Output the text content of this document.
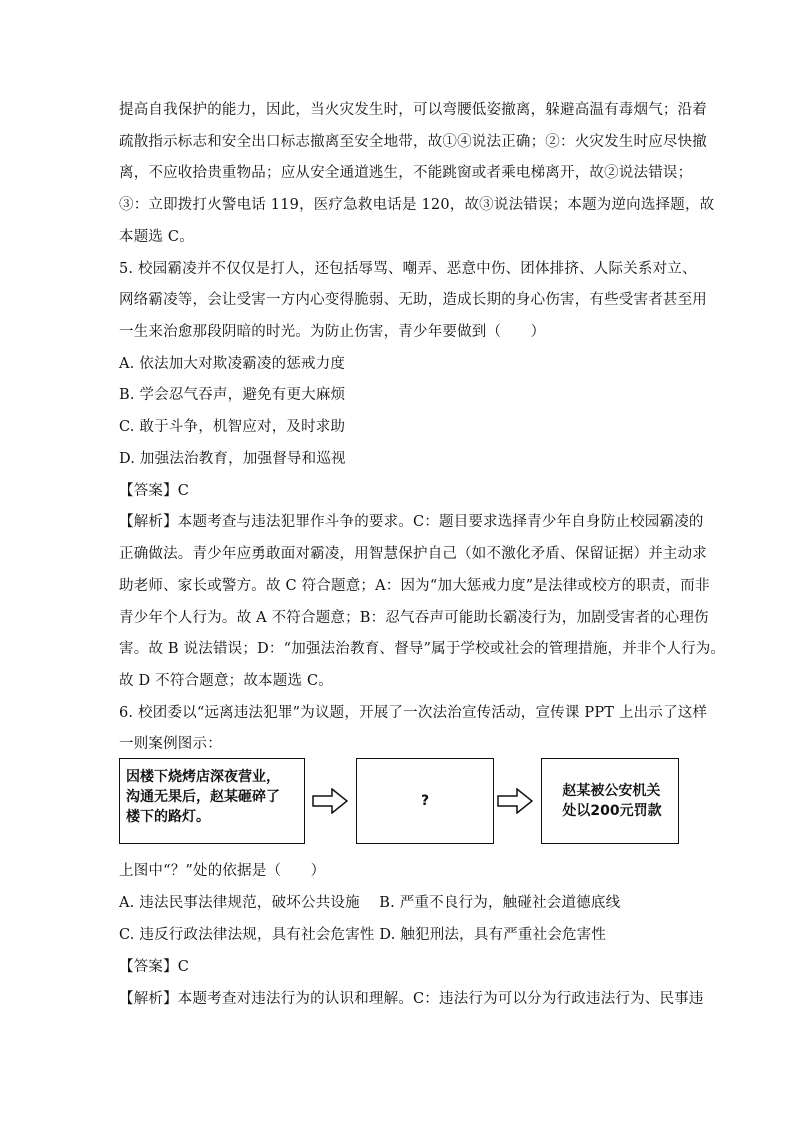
提高自我保护的能力，因此，当火灾发生时，可以弯腰低姿撤离，躲避高温有毒烟气；沿着
疏散指示标志和安全出口标志撤离至安全地带，故①④说法正确；②：火灾发生时应尽快撤
离，不应收拾贵重物品；应从安全通道逃生，不能跳窗或者乘电梯离开，故②说法错误；
③：立即拨打火警电话 119，医疗急救电话是 120，故③说法错误；本题为逆向选择题，故
本题选 C。
5. 校园霸凌并不仅仅是打人，还包括辱骂、嘲弄、恶意中伤、团体排挤、人际关系对立、
网络霸凌等，会让受害一方内心变得脆弱、无助，造成长期的身心伤害，有些受害者甚至用
一生来治愈那段阴暗的时光。为防止伤害，青少年要做到（　　）
A. 依法加大对欺凌霸凌的惩戒力度
B. 学会忍气吞声，避免有更大麻烦
C. 敢于斗争，机智应对，及时求助
D. 加强法治教育，加强督导和巡视
【答案】C
【解析】本题考查与违法犯罪作斗争的要求。C：题目要求选择青少年自身防止校园霸凌的
正确做法。青少年应勇敢面对霸凌，用智慧保护自己（如不激化矛盾、保留证据）并主动求
助老师、家长或警方。故 C 符合题意；A：因为“加大惩戒力度”是法律或校方的职责，而非
青少年个人行为。故 A 不符合题意；B：忍气吞声可能助长霸凌行为，加剧受害者的心理伤
害。故 B 说法错误；D：“加强法治教育、督导”属于学校或社会的管理措施，并非个人行为。
故 D 不符合题意；故本题选 C。
6. 校团委以“远离违法犯罪”为议题，开展了一次法治宣传活动，宣传课 PPT 上出示了这样
一则案例图示：
因楼下烧烤店深夜营业，
沟通无果后，赵某砸碎了
楼下的路灯。
?
赵某被公安机关
处以200元罚款
上图中“？”处的依据是（　　）
A. 违法民事法律规范，破坏公共设施　 B. 严重不良行为，触碰社会道德底线
C. 违反行政法律法规，具有社会危害性 D. 触犯刑法，具有严重社会危害性
【答案】C
【解析】本题考查对违法行为的认识和理解。C：违法行为可以分为行政违法行为、民事违
